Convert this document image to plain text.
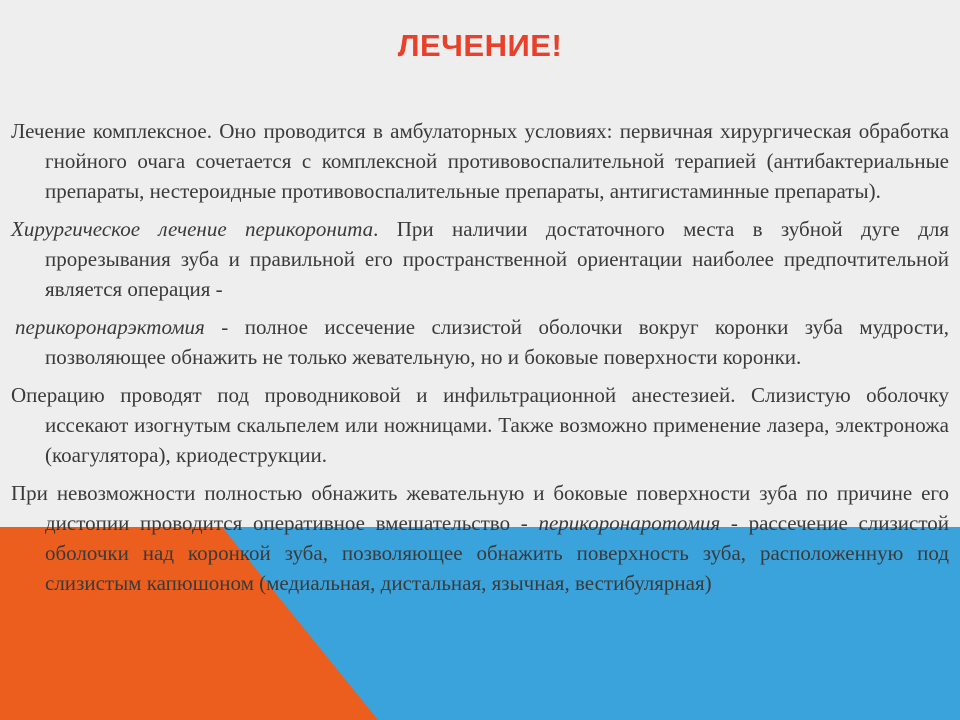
ЛЕЧЕНИЕ!

Лечение комплексное. Оно проводится в амбулаторных условиях: первичная хирургическая обработка гнойного очага сочетается с комплексной противовоспалительной терапией (антибактериальные препараты, нестероидные противовоспалительные препараты, антигистаминные препараты).

Хирургическое лечение перикоронита. При наличии достаточного места в зубной дуге для прорезывания зуба и правильной его пространственной ориентации наиболее предпочтительной является операция -

перикоронарэктомия - полное иссечение слизистой оболочки вокруг коронки зуба мудрости, позволяющее обнажить не только жевательную, но и боковые поверхности коронки.

Операцию проводят под проводниковой и инфильтрационной анестезией. Слизистую оболочку иссекают изогнутым скальпелем или ножницами. Также возможно применение лазера, электроножа (коагулятора), криодеструкции.

При невозможности полностью обнажить жевательную и боковые поверхности зуба по причине его дистопии проводится оперативное вмешательство - перикоронаротомия - рассечение слизистой оболочки над коронкой зуба, позволяющее обнажить поверхность зуба, расположенную под слизистым капюшоном (медиальная, дистальная, язычная, вестибулярная)
